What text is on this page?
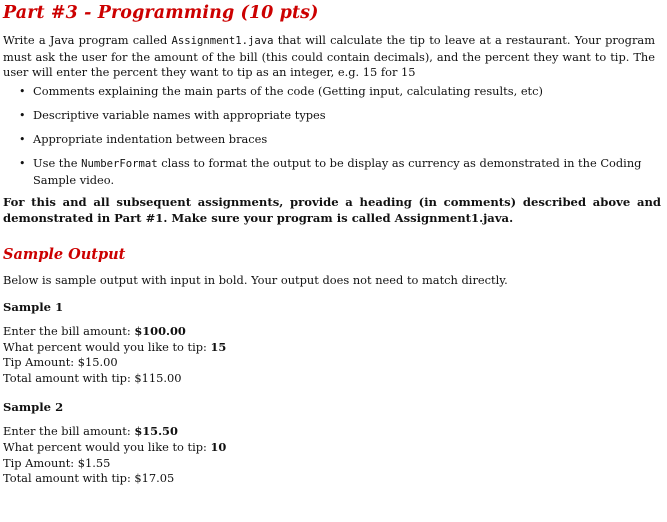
Part #3 - Programming (10 pts)

Write a Java program called Assignment1.java that will calculate the tip to leave at a restaurant. Your program must ask the user for the amount of the bill (this could contain decimals), and the percent they want to tip. The user will enter the percent they want to tip as an integer, e.g. 15 for 15

• Comments explaining the main parts of the code (Getting input, calculating results, etc)
• Descriptive variable names with appropriate types
• Appropriate indentation between braces
• Use the NumberFormat class to format the output to be display as currency as demonstrated in the Coding Sample video.

For this and all subsequent assignments, provide a heading (in comments) described above and demonstrated in Part #1. Make sure your program is called Assignment1.java.

Sample Output

Below is sample output with input in bold. Your output does not need to match directly.

Sample 1
Enter the bill amount: $100.00
What percent would you like to tip: 15
Tip Amount: $15.00
Total amount with tip: $115.00
Sample 2
Enter the bill amount: $15.50
What percent would you like to tip: 10
Tip Amount: $1.55
Total amount with tip: $17.05
